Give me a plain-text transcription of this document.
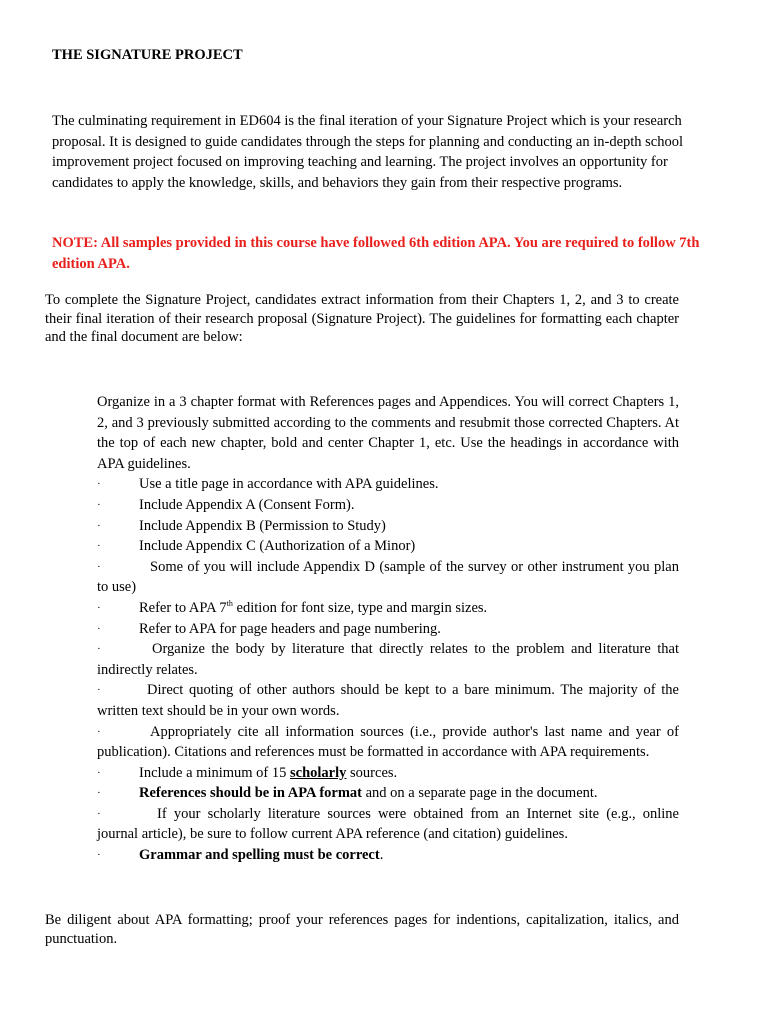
THE SIGNATURE PROJECT
The culminating requirement in ED604 is the final iteration of your Signature Project which is your research proposal. It is designed to guide candidates through the steps for planning and conducting an in-depth school improvement project focused on improving teaching and learning. The project involves an opportunity for candidates to apply the knowledge, skills, and behaviors they gain from their respective programs.
NOTE: All samples provided in this course have followed 6th edition APA. You are required to follow 7th edition APA.
To complete the Signature Project, candidates extract information from their Chapters 1, 2, and 3 to create their final iteration of their research proposal (Signature Project). The guidelines for formatting each chapter and the final document are below:
Organize in a 3 chapter format with References pages and Appendices. You will correct Chapters 1, 2, and 3 previously submitted according to the comments and resubmit those corrected Chapters. At the top of each new chapter, bold and center Chapter 1, etc. Use the headings in accordance with APA guidelines.
·	Use a title page in accordance with APA guidelines.
·	Include Appendix A (Consent Form).
·	Include Appendix B (Permission to Study)
·	Include Appendix C (Authorization of a Minor)
·	Some of you will include Appendix D (sample of the survey or other instrument you plan to use)
·	Refer to APA 7th edition for font size, type and margin sizes.
·	Refer to APA for page headers and page numbering.
·	Organize the body by literature that directly relates to the problem and literature that indirectly relates.
·	Direct quoting of other authors should be kept to a bare minimum. The majority of the written text should be in your own words.
·	Appropriately cite all information sources (i.e., provide author's last name and year of publication). Citations and references must be formatted in accordance with APA requirements.
·	Include a minimum of 15 scholarly sources.
·	References should be in APA format and on a separate page in the document.
·	If your scholarly literature sources were obtained from an Internet site (e.g., online journal article), be sure to follow current APA reference (and citation) guidelines.
·	Grammar and spelling must be correct.
Be diligent about APA formatting; proof your references pages for indentions, capitalization, italics, and punctuation.
